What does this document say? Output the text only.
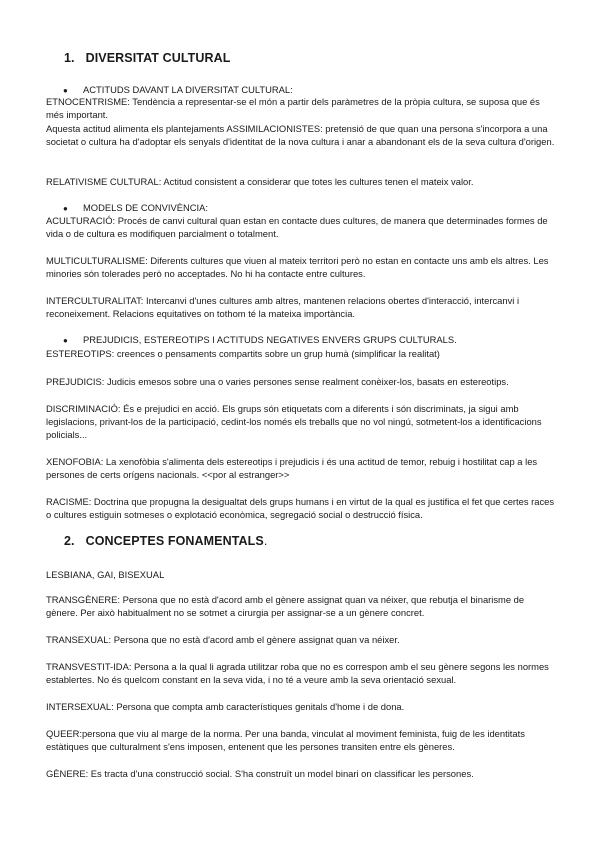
1. DIVERSITAT CULTURAL
● ACTITUDS DAVANT LA DIVERSITAT CULTURAL:

ETNOCENTRISME: Tendència a representar-se el món a partir dels paràmetres de la pròpia cultura, se suposa que és més important.

Aquesta actitud alimenta els plantejaments ASSIMILACIONISTES: pretensió de que quan una persona s'incorpora a una societat o cultura ha d'adoptar els senyals d'identitat de la nova cultura i anar a abandonant els de la seva cultura d'origen.

RELATIVISME CULTURAL: Actitud consistent a considerar que totes les cultures tenen el mateix valor.

● MODELS DE CONVIVÈNCIA:

ACULTURACIÓ: Procés de canvi cultural quan estan en contacte dues cultures, de manera que determinades formes de vida o de cultura es modifiquen parcialment o totalment.

MULTICULTURALISME: Diferents cultures que viuen al mateix territori però no estan en contacte uns amb els altres. Les minories són tolerades però no acceptades. No hi ha contacte entre cultures.

INTERCULTURALITAT: Intercanvi d'unes cultures amb altres, mantenen relacions obertes d'interacció, intercanvi i reconeixement. Relacions equitatives on tothom té la mateixa importància.

● PREJUDICIS, ESTEREOTIPS I ACTITUDS NEGATIVES ENVERS GRUPS CULTURALS.

ESTEREOTIPS: creences o pensaments compartits sobre un grup humà (simplificar la realitat)

PREJUDICIS: Judicis emesos sobre una o varies persones sense realment conèixer-los, basats en estereotips.

DISCRIMINACIÓ: És e prejudici en acció. Els grups són etiquetats com a diferents i són discriminats, ja sigui amb legislacions, privant-los de la participació, cedint-los només els treballs que no vol ningú, sotmetent-los a identificacions policials...

XENOFOBIA: La xenofòbia s'alimenta dels estereotips i prejudicis i és una actitud de temor, rebuig i hostilitat cap a les persones de certs orígens nacionals. <<por al estranger>>

RACISME: Doctrina que propugna la desigualtat dels grups humans i en virtut de la qual es justifica el fet que certes races o cultures estiguin sotmeses o explotació econòmica, segregació social o destrucció física.

2. CONCEPTES FONAMENTALS.

LESBIANA, GAI, BISEXUAL

TRANSGÈNERE: Persona que no està d'acord amb el gènere assignat quan va néixer, que rebutja el binarisme de gènere. Per això habitualment no se sotmet a cirurgia per assignar-se a un gènere concret.

TRANSEXUAL: Persona que no està d'acord amb el gènere assignat quan va néixer.

TRANSVESTIT-IDA: Persona a la qual li agrada utilitzar roba que no es correspon amb el seu gènere segons les normes establertes. No és quelcom constant en la seva vida, i no té a veure amb la seva orientació sexual.

INTERSEXUAL: Persona que compta amb característiques genitals d'home i de dona.

QUEER:persona que viu al marge de la norma. Per una banda, vinculat al moviment feminista, fuig de les identitats estàtiques que culturalment s'ens imposen, entenent que les persones transiten entre els gèneres.

GÈNERE: Es tracta d'una construcció social. S'ha construït un model binari on classificar les persones.
